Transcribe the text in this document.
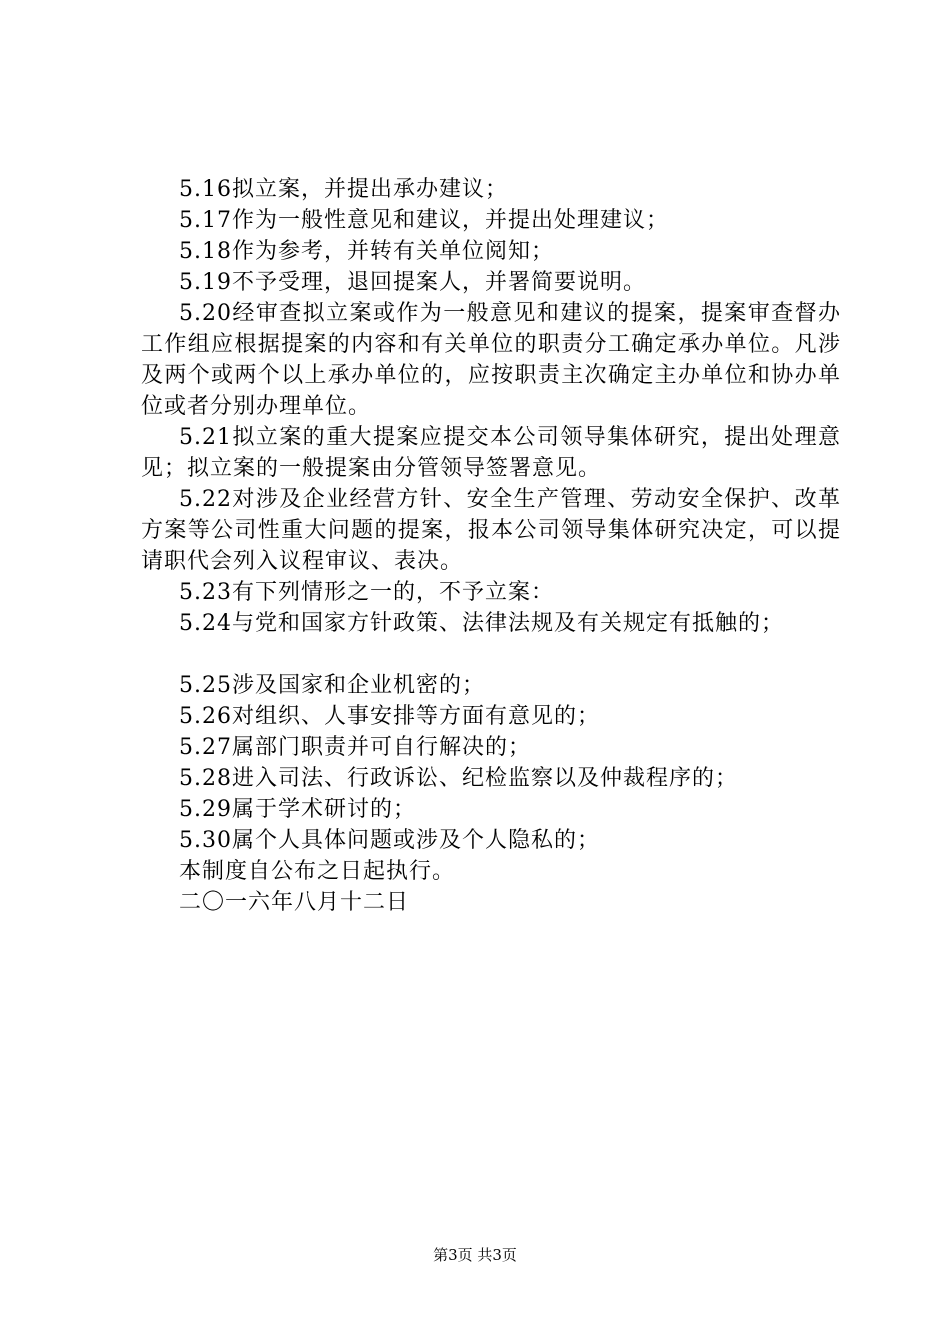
5.16拟立案，并提出承办建议；

5.17作为一般性意见和建议，并提出处理建议；

5.18作为参考，并转有关单位阅知；

5.19不予受理，退回提案人，并署简要说明。

5.20经审查拟立案或作为一般意见和建议的提案，提案审查督办工作组应根据提案的内容和有关单位的职责分工确定承办单位。凡涉及两个或两个以上承办单位的，应按职责主次确定主办单位和协办单位或者分别办理单位。

5.21拟立案的重大提案应提交本公司领导集体研究，提出处理意见；拟立案的一般提案由分管领导签署意见。

5.22对涉及企业经营方针、安全生产管理、劳动安全保护、改革方案等公司性重大问题的提案，报本公司领导集体研究决定，可以提请职代会列入议程审议、表决。

5.23有下列情形之一的，不予立案：

5.24与党和国家方针政策、法律法规及有关规定有抵触的；

5.25涉及国家和企业机密的；

5.26对组织、人事安排等方面有意见的；

5.27属部门职责并可自行解决的；

5.28进入司法、行政诉讼、纪检监察以及仲裁程序的；

5.29属于学术研讨的；

5.30属个人具体问题或涉及个人隐私的；

本制度自公布之日起执行。

二〇一六年八月十二日

第3页 共3页
